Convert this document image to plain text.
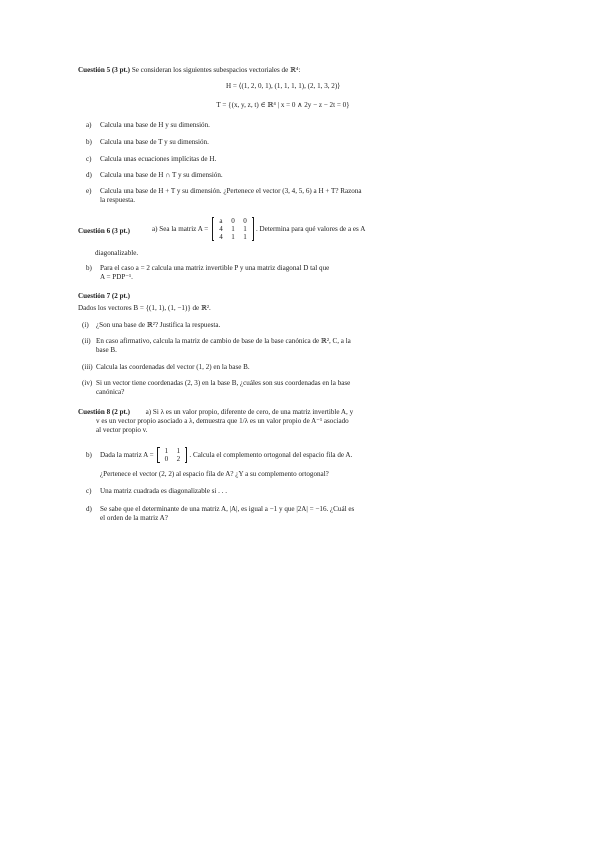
Cuestión 5 (3 pt.) Se consideran los siguientes subespacios vectoriales de ℝ⁴:
H = ⟨(1, 2, 0, 1), (1, 1, 1, 1), (2, 1, 3, 2)⟩
T = {(x, y, z, t) ∈ ℝ⁴ | x = 0 ∧ 2y − z − 2t = 0}
a) Calcula una base de H y su dimensión.
b) Calcula una base de T y su dimensión.
c) Calcula unas ecuaciones implícitas de H.
d) Calcula una base de H ∩ T y su dimensión.
e) Calcula una base de H + T y su dimensión. ¿Pertenece el vector (3, 4, 5, 6) a H + T? Razona
la respuesta.
Cuestión 6 (3 pt.)	a) Sea la matriz A =
a 0 0
4 1 1
4 1 1
. Determina para qué valores de a es A
diagonalizable.
b) Para el caso a = 2 calcula una matriz invertible P y una matriz diagonal D tal que
A = PDP⁻¹.
Cuestión 7 (2 pt.)
Dados los vectores B = {(1, 1), (1, −1)} de ℝ².
(i) ¿Son una base de ℝ²? Justifica la respuesta.
(ii) En caso afirmativo, calcula la matriz de cambio de base de la base canónica de ℝ², C, a la
base B.
(iii) Calcula las coordenadas del vector (1, 2) en la base B.
(iv) Si un vector tiene coordenadas (2, 3) en la base B, ¿cuáles son sus coordenadas en la base
canónica?
Cuestión 8 (2 pt.) a) Si λ es un valor propio, diferente de cero, de una matriz invertible A, y
v es un vector propio asociado a λ, demuestra que 1/λ es un valor propio de A⁻¹ asociado
al vector propio v.
b) Dada la matriz A =	1 1
0 2
. Calcula el complemento ortogonal del espacio fila de A.
¿Pertenece el vector (2, 2) al espacio fila de A? ¿Y a su complemento ortogonal?
c) Una matriz cuadrada es diagonalizable si . . .
d) Se sabe que el determinante de una matriz A, |A|, es igual a −1 y que |2A| = −16. ¿Cuál es
el orden de la matriz A?
